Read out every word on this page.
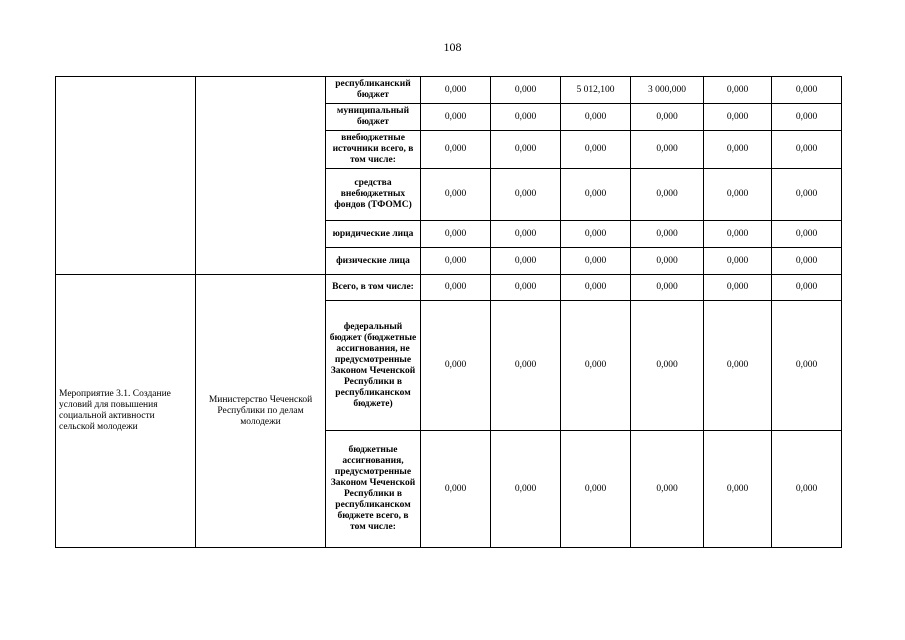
108
		республиканский бюджет	0,000	0,000	5 012,100	3 000,000	0,000	0,000
		муниципальный бюджет	0,000	0,000	0,000	0,000	0,000	0,000
		внебюджетные источники всего, в том числе:	0,000	0,000	0,000	0,000	0,000	0,000
		средства внебюджетных фондов (ТФОМС)	0,000	0,000	0,000	0,000	0,000	0,000
		юридические лица	0,000	0,000	0,000	0,000	0,000	0,000
		физические лица	0,000	0,000	0,000	0,000	0,000	0,000
Мероприятие 3.1. Создание условий для повышения социальной активности сельской молодежи	Министерство Чеченской Республики по делам молодежи	Всего, в том числе:	0,000	0,000	0,000	0,000	0,000	0,000
		федеральный бюджет (бюджетные ассигнования, не предусмотренные Законом Чеченской Республики в республиканском бюджете)	0,000	0,000	0,000	0,000	0,000	0,000
		бюджетные ассигнования, предусмотренные Законом Чеченской Республики в республиканском бюджете всего, в том числе:	0,000	0,000	0,000	0,000	0,000	0,000
